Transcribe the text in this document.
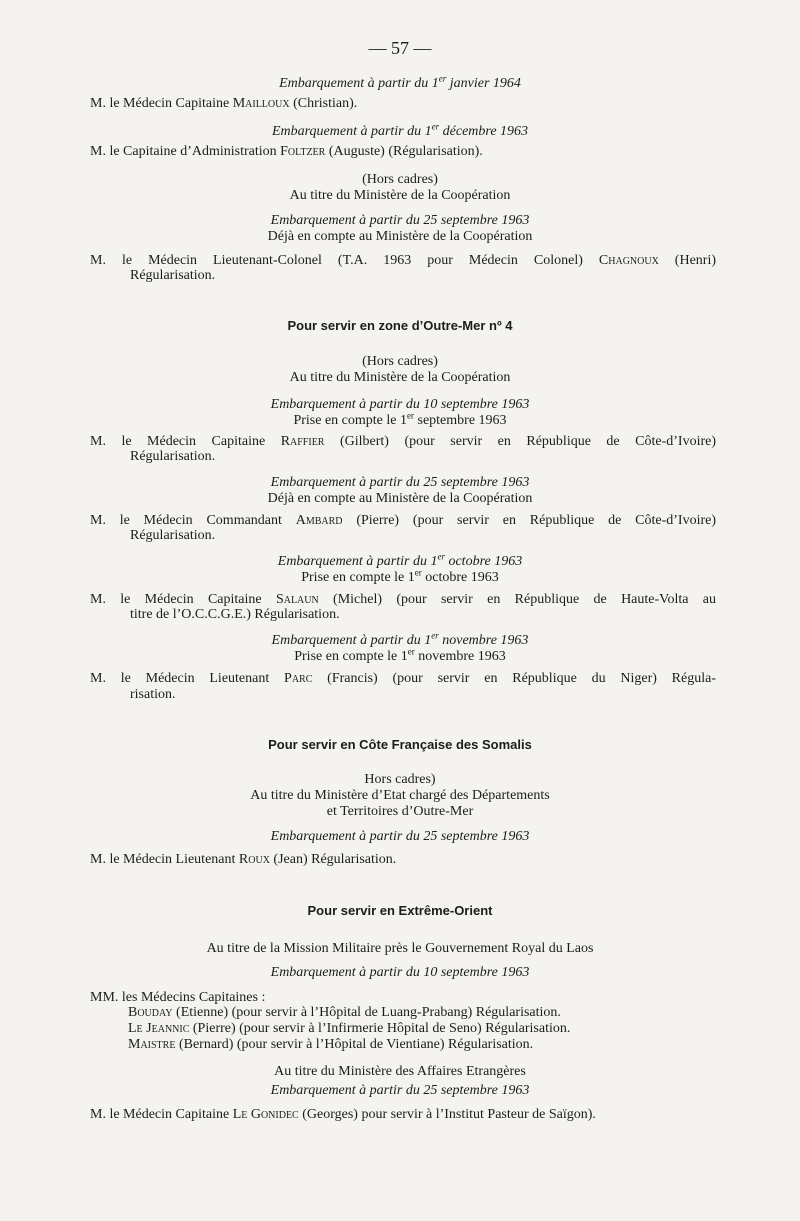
— 57 —
Embarquement à partir du 1er janvier 1964
M. le Médecin Capitaine Mailloux (Christian).
Embarquement à partir du 1er décembre 1963
M. le Capitaine d’Administration Foltzer (Auguste) (Régularisation).
(Hors cadres)
Au titre du Ministère de la Coopération
Embarquement à partir du 25 septembre 1963
Déjà en compte au Ministère de la Coopération
M. le Médecin Lieutenant-Colonel (T.A. 1963 pour Médecin Colonel) Chagnoux (Henri)
Régularisation.
Pour servir en zone d’Outre-Mer nº 4
(Hors cadres)
Au titre du Ministère de la Coopération
Embarquement à partir du 10 septembre 1963
Prise en compte le 1er septembre 1963
M. le Médecin Capitaine Raffier (Gilbert) (pour servir en République de Côte-d’Ivoire)
Régularisation.
Embarquement à partir du 25 septembre 1963
Déjà en compte au Ministère de la Coopération
M. le Médecin Commandant Ambard (Pierre) (pour servir en République de Côte-d’Ivoire)
Régularisation.
Embarquement à partir du 1er octobre 1963
Prise en compte le 1er octobre 1963
M. le Médecin Capitaine Salaun (Michel) (pour servir en République de Haute-Volta au
titre de l’O.C.C.G.E.) Régularisation.
Embarquement à partir du 1er novembre 1963
Prise en compte le 1er novembre 1963
M. le Médecin Lieutenant Parc (Francis) (pour servir en République du Niger) Régula-
risation.
Pour servir en Côte Française des Somalis
Hors cadres)
Au titre du Ministère d’Etat chargé des Départements
et Territoires d’Outre-Mer
Embarquement à partir du 25 septembre 1963
M. le Médecin Lieutenant Roux (Jean) Régularisation.
Pour servir en Extrême-Orient
Au titre de la Mission Militaire près le Gouvernement Royal du Laos
Embarquement à partir du 10 septembre 1963
MM. les Médecins Capitaines :
Bouday (Etienne) (pour servir à l’Hôpital de Luang-Prabang) Régularisation.
Le Jeannic (Pierre) (pour servir à l’Infirmerie Hôpital de Seno) Régularisation.
Maistre (Bernard) (pour servir à l’Hôpital de Vientiane) Régularisation.
Au titre du Ministère des Affaires Etrangères
Embarquement à partir du 25 septembre 1963
M. le Médecin Capitaine Le Gonidec (Georges) pour servir à l’Institut Pasteur de Saïgon).
